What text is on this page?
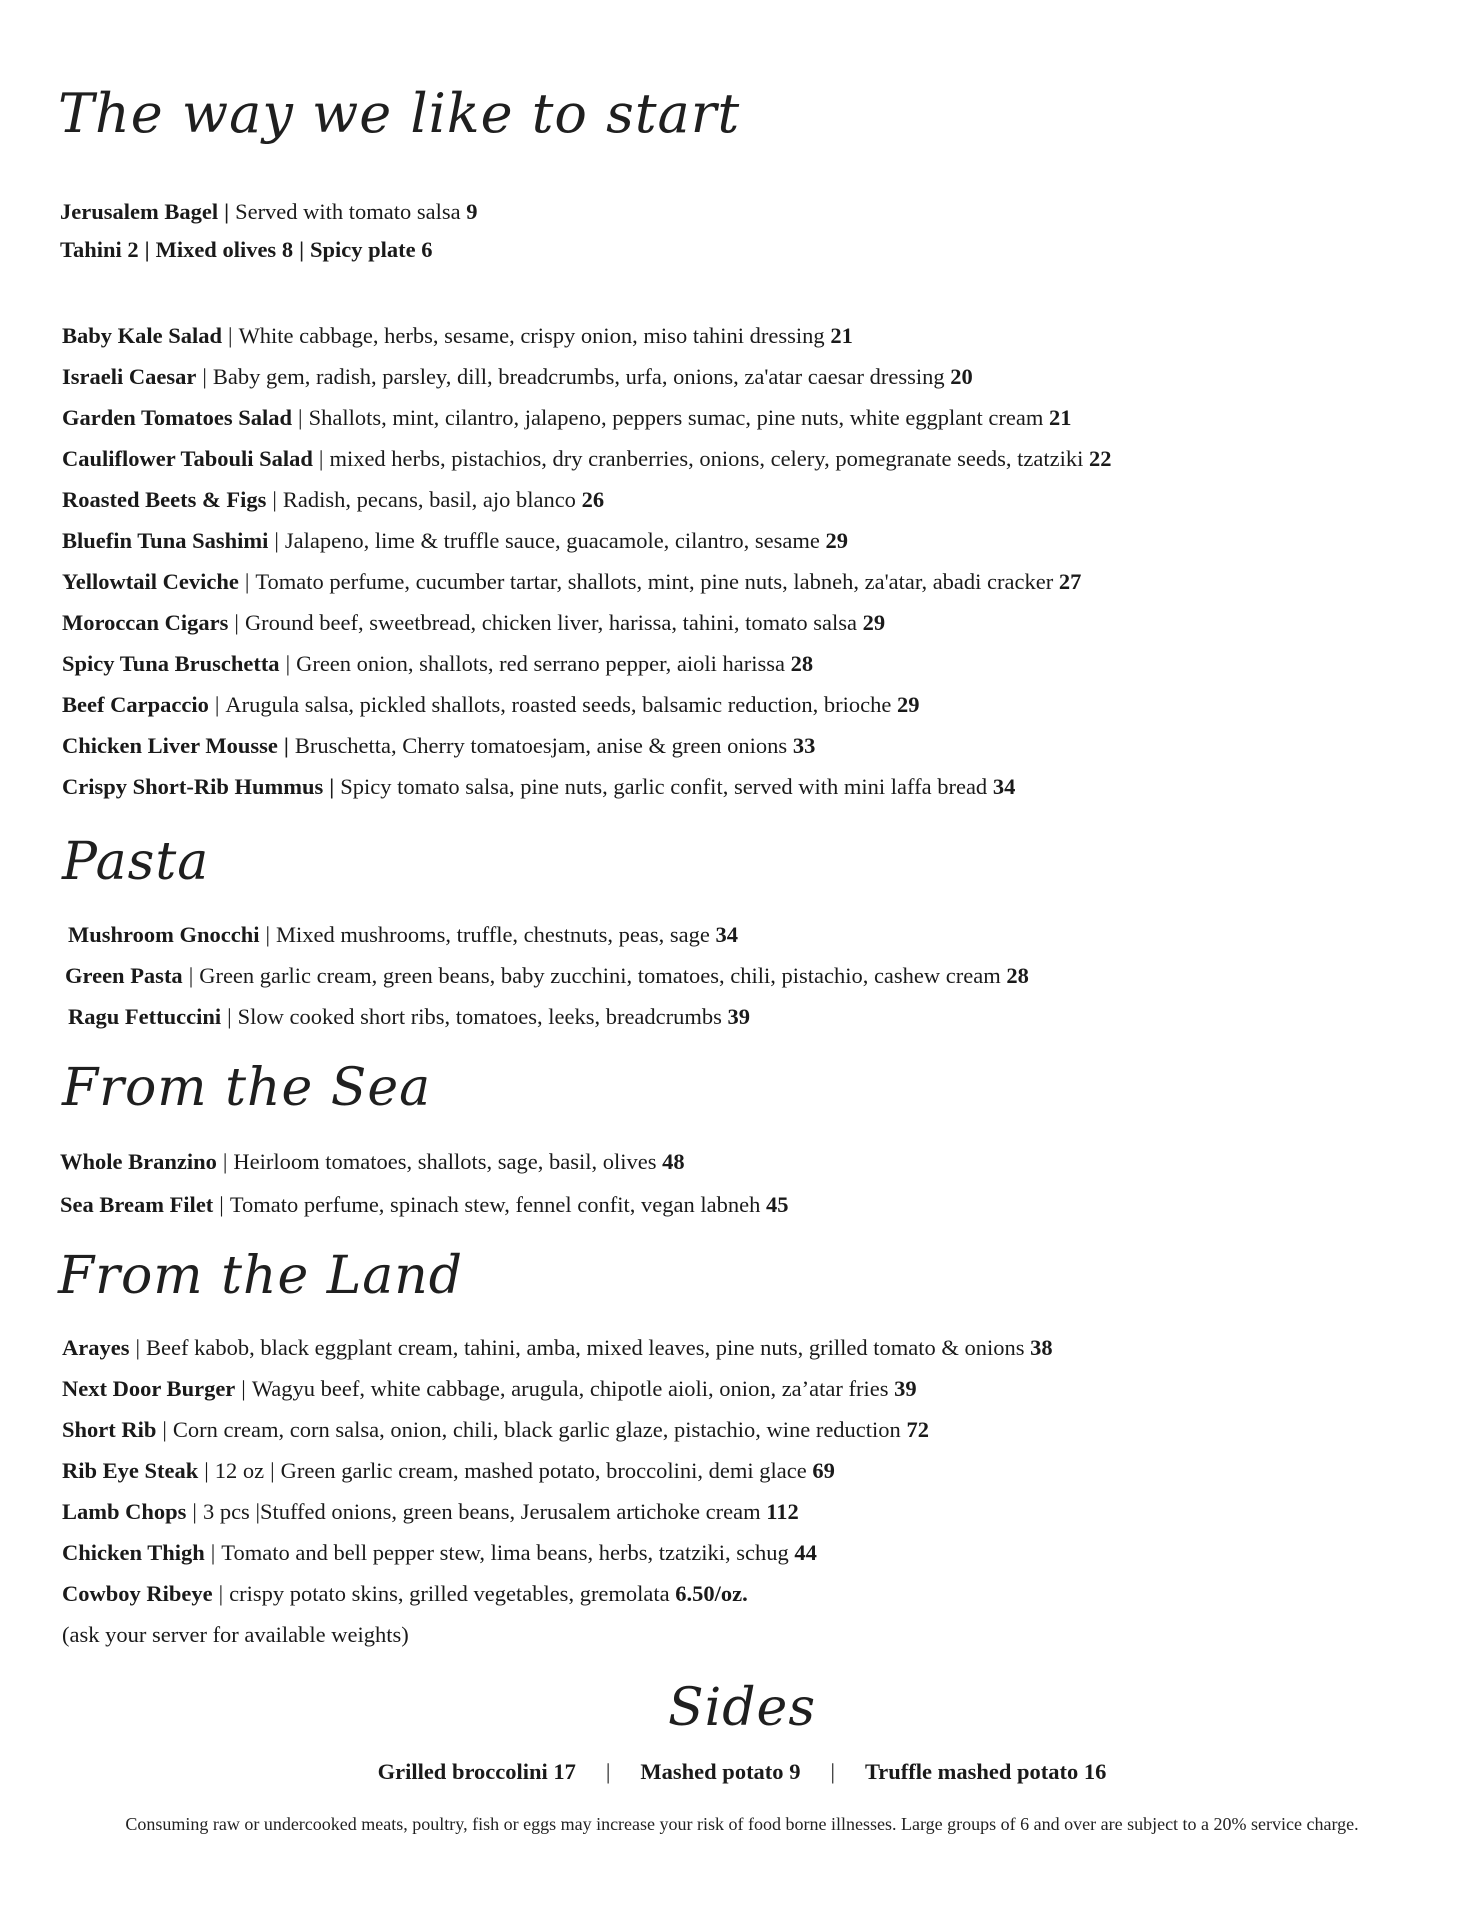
The way we like to start
Jerusalem Bagel | Served with tomato salsa 9
Tahini 2 | Mixed olives 8 | Spicy plate 6
Baby Kale Salad | White cabbage, herbs, sesame, crispy onion, miso tahini dressing 21
Israeli Caesar | Baby gem, radish, parsley, dill, breadcrumbs, urfa, onions, za'atar caesar dressing 20
Garden Tomatoes Salad | Shallots, mint, cilantro, jalapeno, peppers sumac, pine nuts, white eggplant cream 21
Cauliflower Tabouli Salad | mixed herbs, pistachios, dry cranberries, onions, celery, pomegranate seeds, tzatziki 22
Roasted Beets & Figs | Radish, pecans, basil, ajo blanco 26
Bluefin Tuna Sashimi | Jalapeno, lime & truffle sauce, guacamole, cilantro, sesame 29
Yellowtail Ceviche | Tomato perfume, cucumber tartar, shallots, mint, pine nuts, labneh, za'atar, abadi cracker 27
Moroccan Cigars | Ground beef, sweetbread, chicken liver, harissa, tahini, tomato salsa 29
Spicy Tuna Bruschetta | Green onion, shallots, red serrano pepper, aioli harissa 28
Beef Carpaccio | Arugula salsa, pickled shallots, roasted seeds, balsamic reduction, brioche 29
Chicken Liver Mousse | Bruschetta, Cherry tomatoesjam, anise & green onions 33
Crispy Short-Rib Hummus | Spicy tomato salsa, pine nuts, garlic confit, served with mini laffa bread 34
Pasta
Mushroom Gnocchi | Mixed mushrooms, truffle, chestnuts, peas, sage 34
Green Pasta | Green garlic cream, green beans, baby zucchini, tomatoes, chili, pistachio, cashew cream 28
Ragu Fettuccini | Slow cooked short ribs, tomatoes, leeks, breadcrumbs 39
From the Sea
Whole Branzino | Heirloom tomatoes, shallots, sage, basil, olives 48
Sea Bream Filet | Tomato perfume, spinach stew, fennel confit, vegan labneh 45
From the Land
Arayes | Beef kabob, black eggplant cream, tahini, amba, mixed leaves, pine nuts, grilled tomato & onions 38
Next Door Burger | Wagyu beef, white cabbage, arugula, chipotle aioli, onion, za’atar fries 39
Short Rib | Corn cream, corn salsa, onion, chili, black garlic glaze, pistachio, wine reduction 72
Rib Eye Steak | 12 oz | Green garlic cream, mashed potato, broccolini, demi glace 69
Lamb Chops | 3 pcs |Stuffed onions, green beans, Jerusalem artichoke cream 112
Chicken Thigh | Tomato and bell pepper stew, lima beans, herbs, tzatziki, schug 44
Cowboy Ribeye | crispy potato skins, grilled vegetables, gremolata 6.50/oz.
(ask your server for available weights)
Sides
Grilled broccolini 17 | Mashed potato 9 | Truffle mashed potato 16
Consuming raw or undercooked meats, poultry, fish or eggs may increase your risk of food borne illnesses. Large groups of 6 and over are subject to a 20% service charge.
